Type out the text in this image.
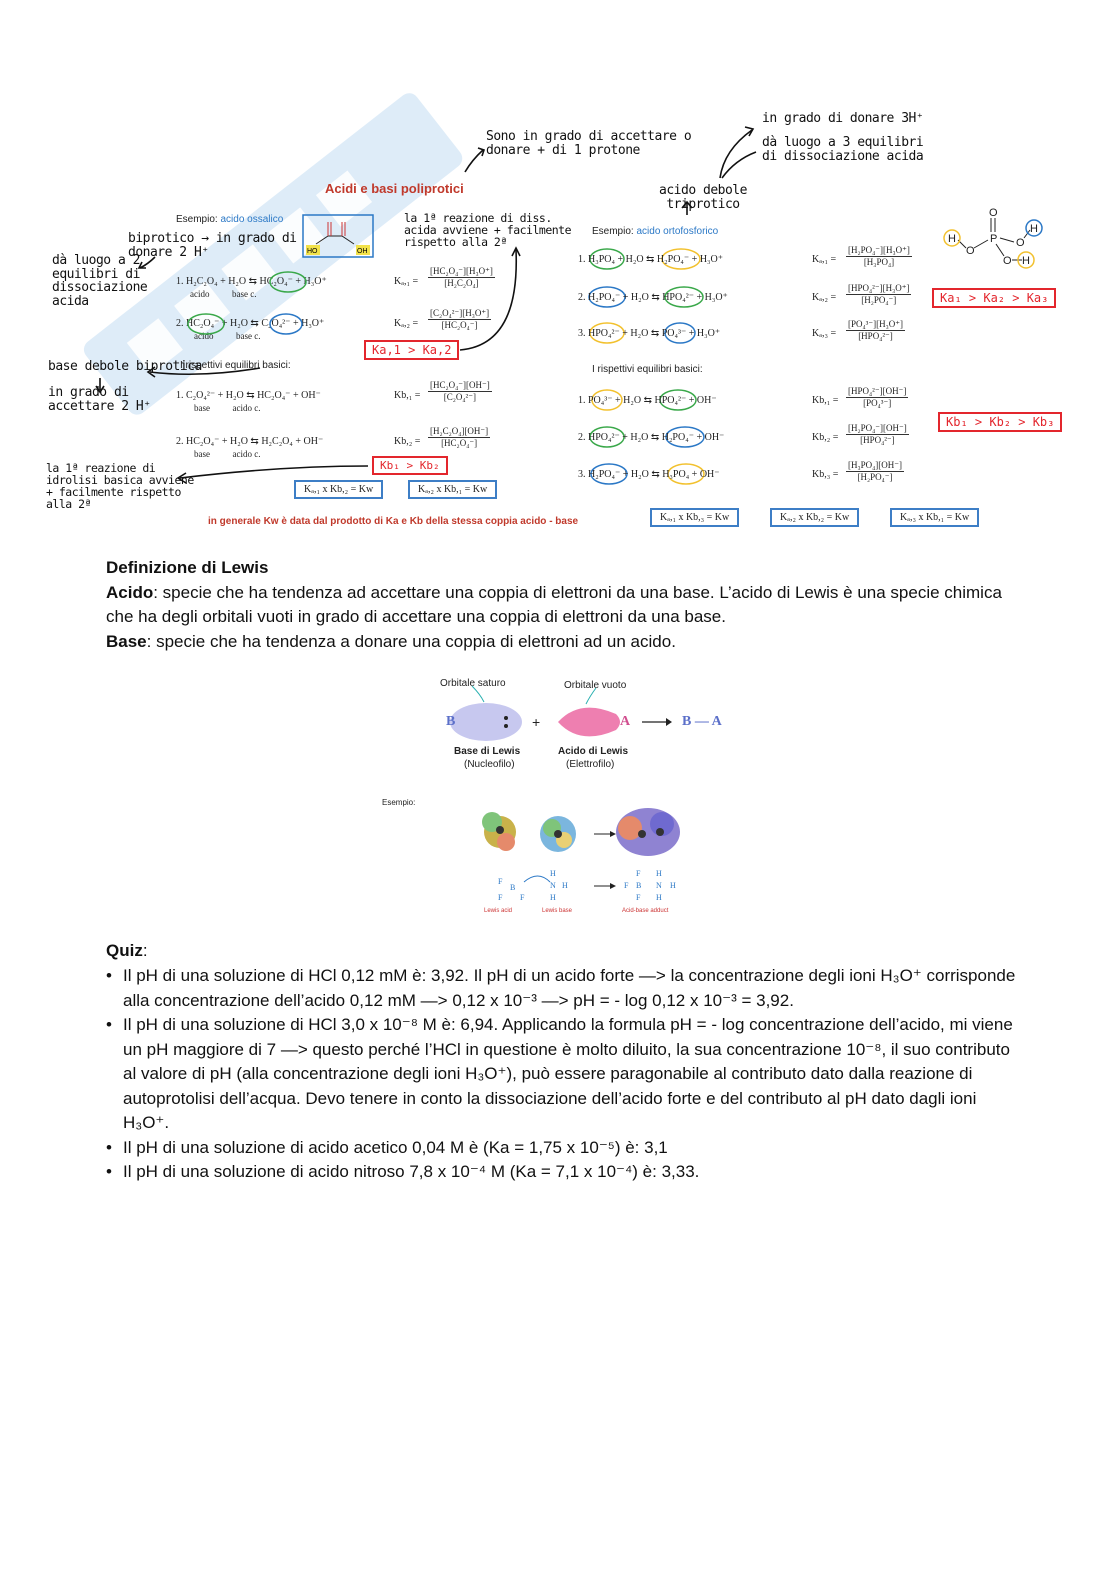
Acidi e basi poliprotici
Sono in grado di accettare o donare + di 1 protone
in grado di donare 3H⁺
dà luogo a 3 equilibri di dissociazione acida
acido debole triprotico
Esempio: acido ossalico
HO	OH
biprotico → in grado di donare 2 H⁺
dà luogo a 2 equilibri di dissociazione acida
la 1ª reazione di diss. acida avviene + facilmente rispetto alla 2ª
1. H₂C₂O₄ + H₂O ⇆ HC₂O₄⁻ + H₃O⁺
acido          base c.
2. HC₂O₄⁻ + H₂O ⇆ C₂O₄²⁻ + H₃O⁺
acido          base c.
$K_a,_1 = \frac{\text{[HC₂O₄⁻][H₃O⁺]}}{\text{[H₂C₂O₄]}}$
$K_a,_2 = \frac{\text{[C₂O₄²⁻][H₃O⁺]}}{\text{[HC₂O₄⁻]}}$
Ka,1 > Ka,2
base debole biprotica
in grado di accettare 2 H⁺
I rispettivi equilibri basici:
1. C₂O₄²⁻ + H₂O ⇆ HC₂O₄⁻ + OH⁻
base          acido c.
2. HC₂O₄⁻ + H₂O ⇆ H₂C₂O₄ + OH⁻
base          acido c.
$Kb,_1 = \frac{\text{[HC₂O₄⁻][OH⁻]}}{\text{[C₂O₄²⁻]}}$
$Kb,_2 = \frac{\text{[H₂C₂O₄][OH⁻]}}{\text{[HC₂O₄⁻]}}$
Kb₁ > Kb₂
la 1ª reazione di idrolisi basica avviene + facilmente rispetto alla 2ª
Kₐ,₁ x Kb,₂ = Kw	Kₐ,₂ x Kb,₁ = Kw
in generale Kw è data dal prodotto di Ka e Kb della stessa coppia acido - base
Esempio: acido ortofosforico
O
P
O
O
O
H
H
H
1. H₃PO₄ + H₂O ⇆ H₂PO₄⁻ + H₃O⁺
2. H₂PO₄⁻ + H₂O ⇆ HPO₄²⁻ + H₃O⁺
3. HPO₄²⁻ + H₂O ⇆ PO₄³⁻ + H₃O⁺
$K_a,_1 = \frac{\text{[H₂PO₄⁻][H₃O⁺]}}{\text{[H₃PO₄]}}$
Kₐ,₂ =
[HPO₄²⁻][H₃O⁺]
[H₂PO₄⁻]
Kₐ,₃ =
[PO₄³⁻][H₃O⁺]
[HPO₄²⁻]
Ka₁ > Ka₂ > Ka₃
I rispettivi equilibri basici:
1. PO₄³⁻ + H₂O ⇆ HPO₄²⁻ + OH⁻
2. HPO₄²⁻ + H₂O ⇆ H₂PO₄⁻ + OH⁻
3. H₂PO₄⁻ + H₂O ⇆ H₃PO₄ + OH⁻
Kb,₁ =
[HPO₄²⁻][OH⁻]
[PO₄³⁻]
Kb,₂ =
[H₂PO₄⁻][OH⁻]
[HPO₄²⁻]
$Kb,_3 = \frac{\text{[H₃PO₄][OH⁻]}}{\text{[H₂PO₄⁻]}}$
Kb₁ > Kb₂ > Kb₃
Kₐ,₁ x Kb,₃ = Kw	Kₐ,₂ x Kb,₂ = Kw	Kₐ,₃ x Kb,₁ = Kw
Definizione di Lewis
Acido: specie che ha tendenza ad accettare una coppia di elettroni da una base. L’acido di Lewis è una specie chimica che ha degli orbitali vuoti in grado di accettare una coppia di elettroni da una base.
Base: specie che ha tendenza a donare una coppia di elettroni ad un acido.
Orbitale saturo	Orbitale vuoto
F
B
F F
N H
H
H
F B N H
H
H
F
F
B	+	A	B — A
Base di Lewis
(Nucleofilo)
Acido di Lewis
(Elettrofilo)
Esempio:
Lewis acid	Lewis base	Acid-base adduct
Quiz:
• Il pH di una soluzione di HCl 0,12 mM è: 3,92. Il pH di un acido forte —> la concentrazione degli ioni H₃O⁺ corrisponde alla concentrazione dell’acido 0,12 mM —> 0,12 x 10⁻³ —> pH = - log 0,12 x 10⁻³ = 3,92.
• Il pH di una soluzione di HCl 3,0 x 10⁻⁸ M è: 6,94. Applicando la formula pH = - log concentrazione dell’acido, mi viene un pH maggiore di 7 —> questo perché l’HCl in questione è molto diluito, la sua concentrazione 10⁻⁸, il suo contributo al valore di pH (alla concentrazione degli ioni H₃O⁺), può essere paragonabile al contributo dato dalla reazione di autoprotolisi dell’acqua. Devo tenere in conto la dissociazione dell’acido forte e del contributo al pH dato dagli ioni H₃O⁺.
• Il pH di una soluzione di acido acetico 0,04 M è (Ka = 1,75 x 10⁻⁵) è: 3,1
• Il pH di una soluzione di acido nitroso 7,8 x 10⁻⁴ M (Ka = 7,1 x 10⁻⁴) è: 3,33.
